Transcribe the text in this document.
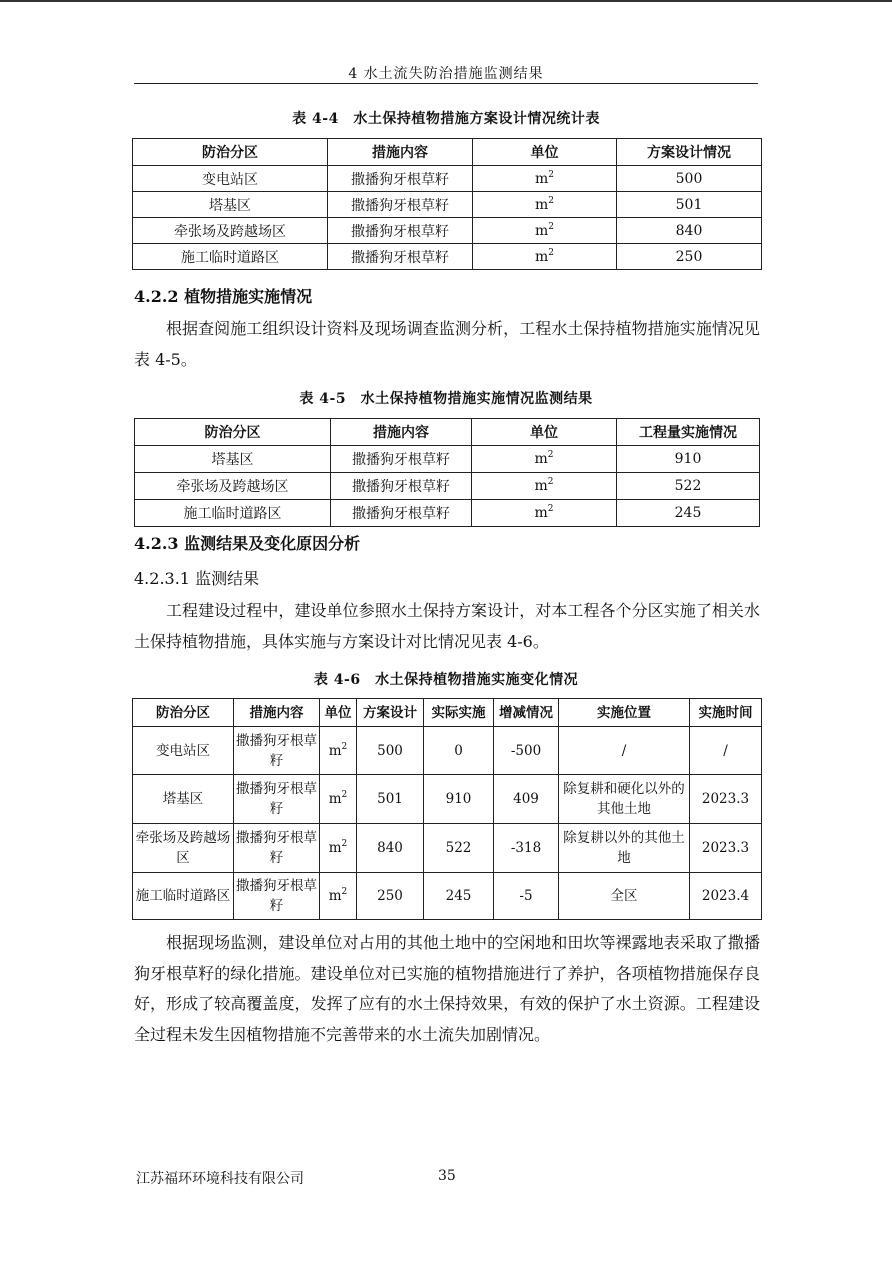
4 水土流失防治措施监测结果
表 4-4　水土保持植物措施方案设计情况统计表
防治分区	措施内容	单位	方案设计情况
变电站区	撒播狗牙根草籽	$m^2$	500
塔基区	撒播狗牙根草籽	$m^2$	501
牵张场及跨越场区	撒播狗牙根草籽	$m^2$	840
施工临时道路区	撒播狗牙根草籽	$m^2$	250
4.2.2 植物措施实施情况

根据查阅施工组织设计资料及现场调查监测分析，工程水土保持植物措施实施情况见表 4-5。

表 4-5　水土保持植物措施实施情况监测结果
防治分区	措施内容	单位	工程量实施情况
塔基区	撒播狗牙根草籽	$m^2$	910
牵张场及跨越场区	撒播狗牙根草籽	$m^2$	522
施工临时道路区	撒播狗牙根草籽	$m^2$	245
4.2.3 监测结果及变化原因分析
4.2.3.1 监测结果

工程建设过程中，建设单位参照水土保持方案设计，对本工程各个分区实施了相关水土保持植物措施，具体实施与方案设计对比情况见表 4-6。

表 4-6　水土保持植物措施实施变化情况
防治分区	措施内容	单位	方案设计	实际实施	增减情况	实施位置	实施时间
变电站区	撒播狗牙根草籽	$m^2$	500	0	-500	/	/
塔基区	撒播狗牙根草籽	$m^2$	501	910	409	除复耕和硬化以外的其他土地	2023.3
牵张场及跨越场区	撒播狗牙根草籽	$m^2$	840	522	-318	除复耕以外的其他土地	2023.3
施工临时道路区	撒播狗牙根草籽	$m^2$	250	245	-5	全区	2023.4

根据现场监测，建设单位对占用的其他土地中的空闲地和田坎等裸露地表采取了撒播狗牙根草籽的绿化措施。建设单位对已实施的植物措施进行了养护，各项植物措施保存良好，形成了较高覆盖度，发挥了应有的水土保持效果，有效的保护了水土资源。工程建设全过程未发生因植物措施不完善带来的水土流失加剧情况。

江苏福环环境科技有限公司	35
